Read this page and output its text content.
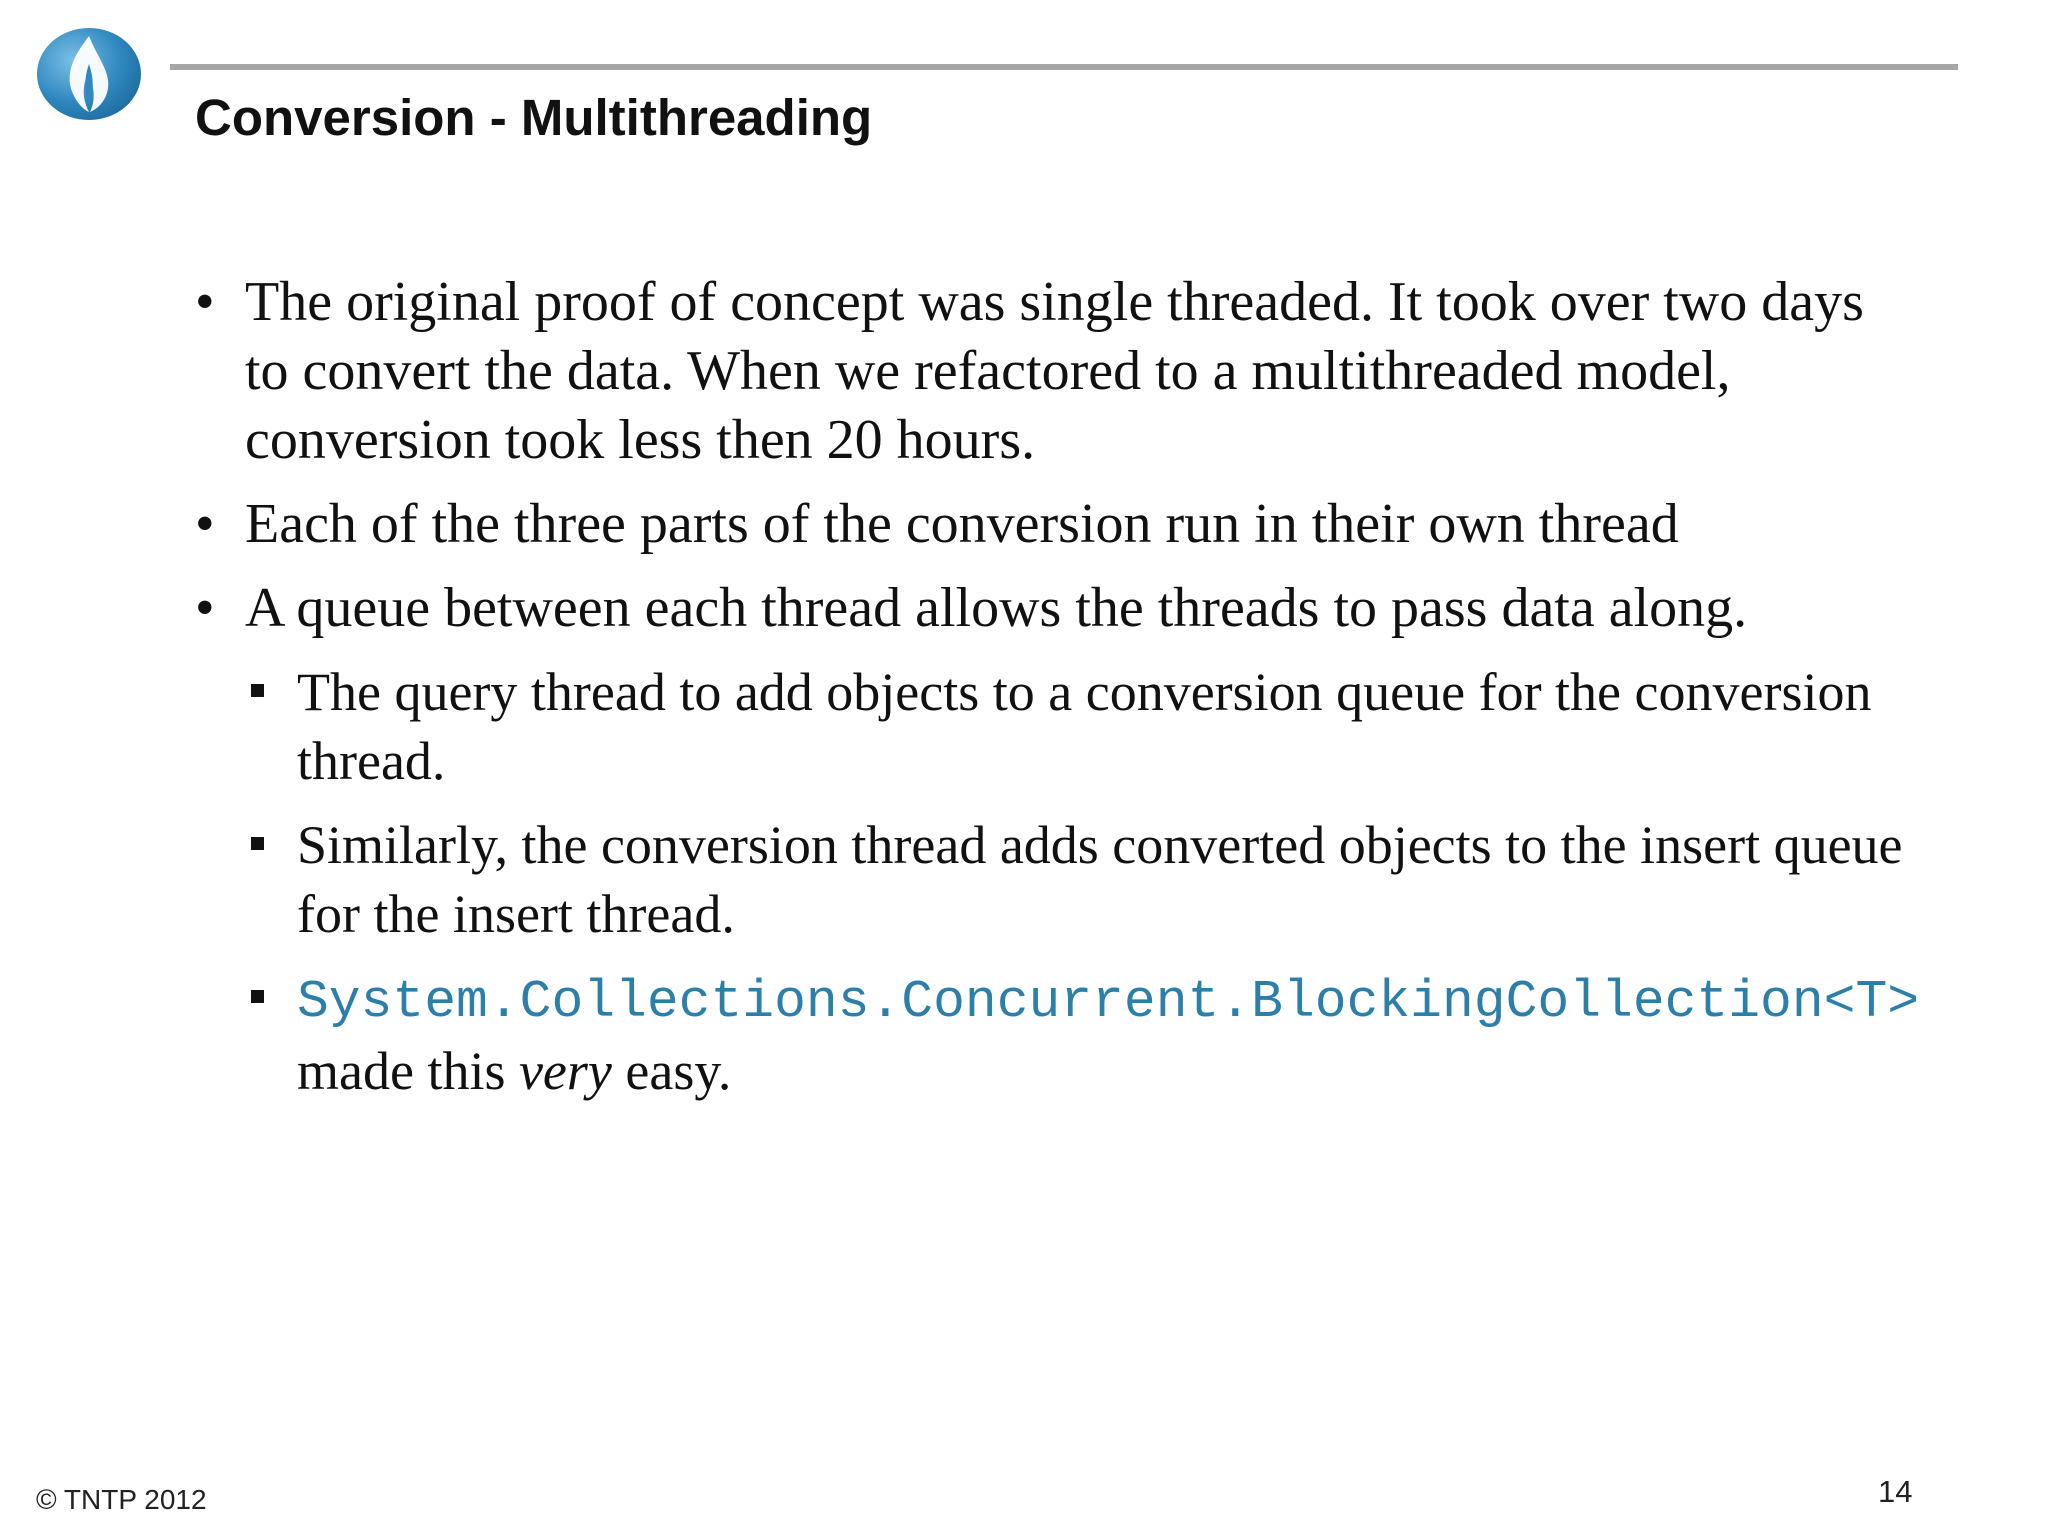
Conversion - Multithreading
• The original proof of concept was single threaded. It took over two days to convert the data. When we refactored to a multithreaded model, conversion took less then 20 hours.
• Each of the three parts of the conversion run in their own thread
• A queue between each thread allows the threads to pass data along.
The query thread to add objects to a conversion queue for the conversion thread.
Similarly, the conversion thread adds converted objects to the insert queue for the insert thread.
System.Collections.Concurrent.BlockingCollection<T>
made this very easy.
© TNTP 2012	14
